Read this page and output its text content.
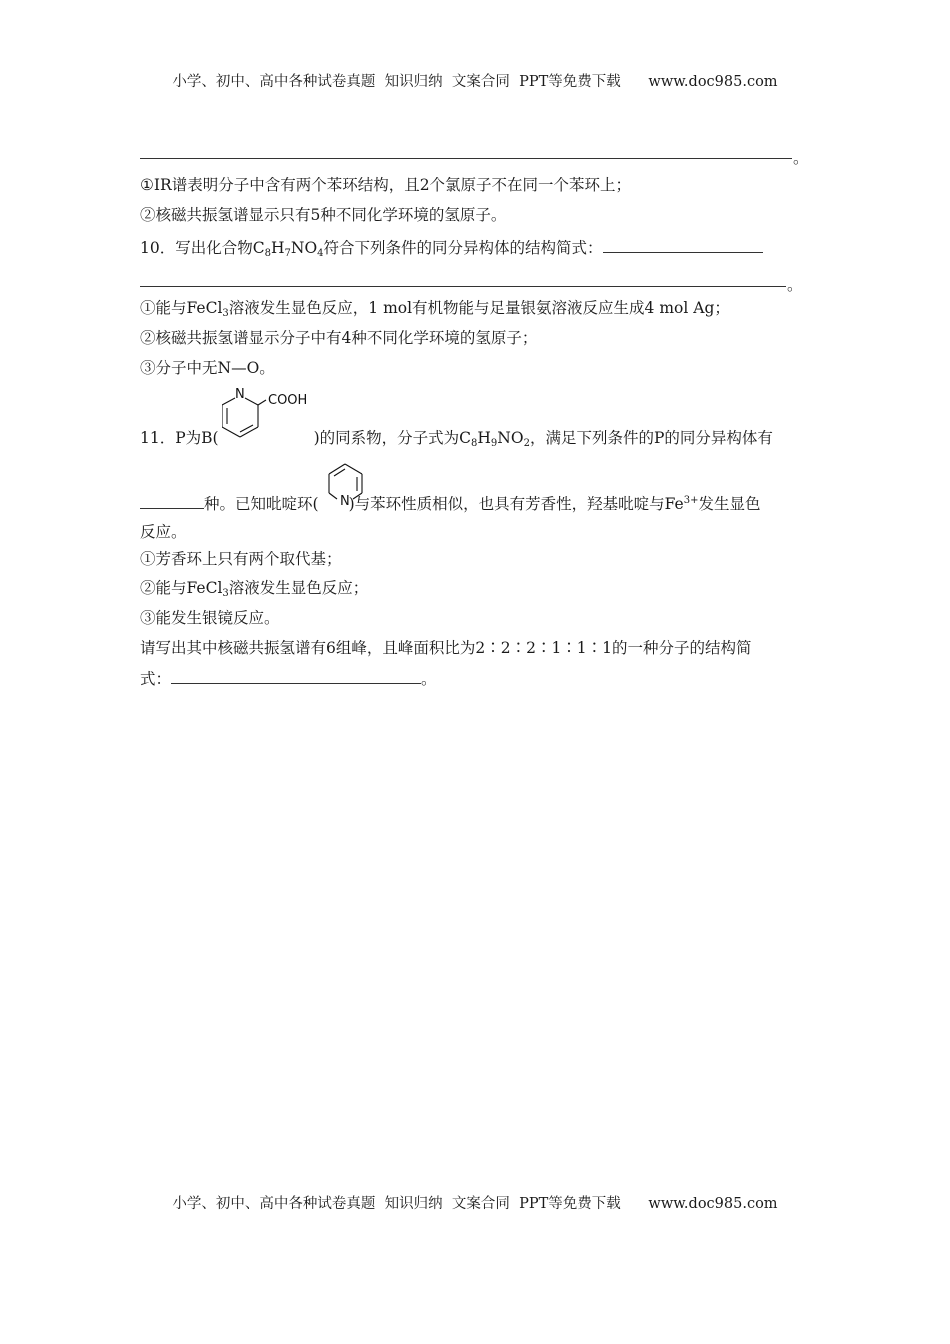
小学、初中、高中各种试卷真题  知识归纳  文案合同  PPT等免费下载      www.doc985.com
。
①IR谱表明分子中含有两个苯环结构，且2个氯原子不在同一个苯环上；
②核磁共振氢谱显示只有5种不同化学环境的氢原子。
10．写出化合物$C_8H_7NO_4$符合下列条件的同分异构体的结构简式：
。
①能与FeCl$_3$溶液发生显色反应，1 mol有机物能与足量银氨溶液反应生成4 mol Ag；
②核磁共振氢谱显示分子中有4种不同化学环境的氢原子；
③分子中无N—O。
N COOH
11．P为B(	)的同系物，分子式为$C_8H_9NO_2$，满足下列条件的P的同分异构体有
N
种。已知吡啶环( )与苯环性质相似，也具有芳香性，羟基吡啶与$Fe^{3+}$发生显色
反应。
①芳香环上只有两个取代基；
②能与FeCl$_3$溶液发生显色反应；
③能发生银镜反应。
请写出其中核磁共振氢谱有6组峰，且峰面积比为2∶2∶2∶1∶1∶1的一种分子的结构简
式：	。
小学、初中、高中各种试卷真题  知识归纳  文案合同  PPT等免费下载      www.doc985.com
